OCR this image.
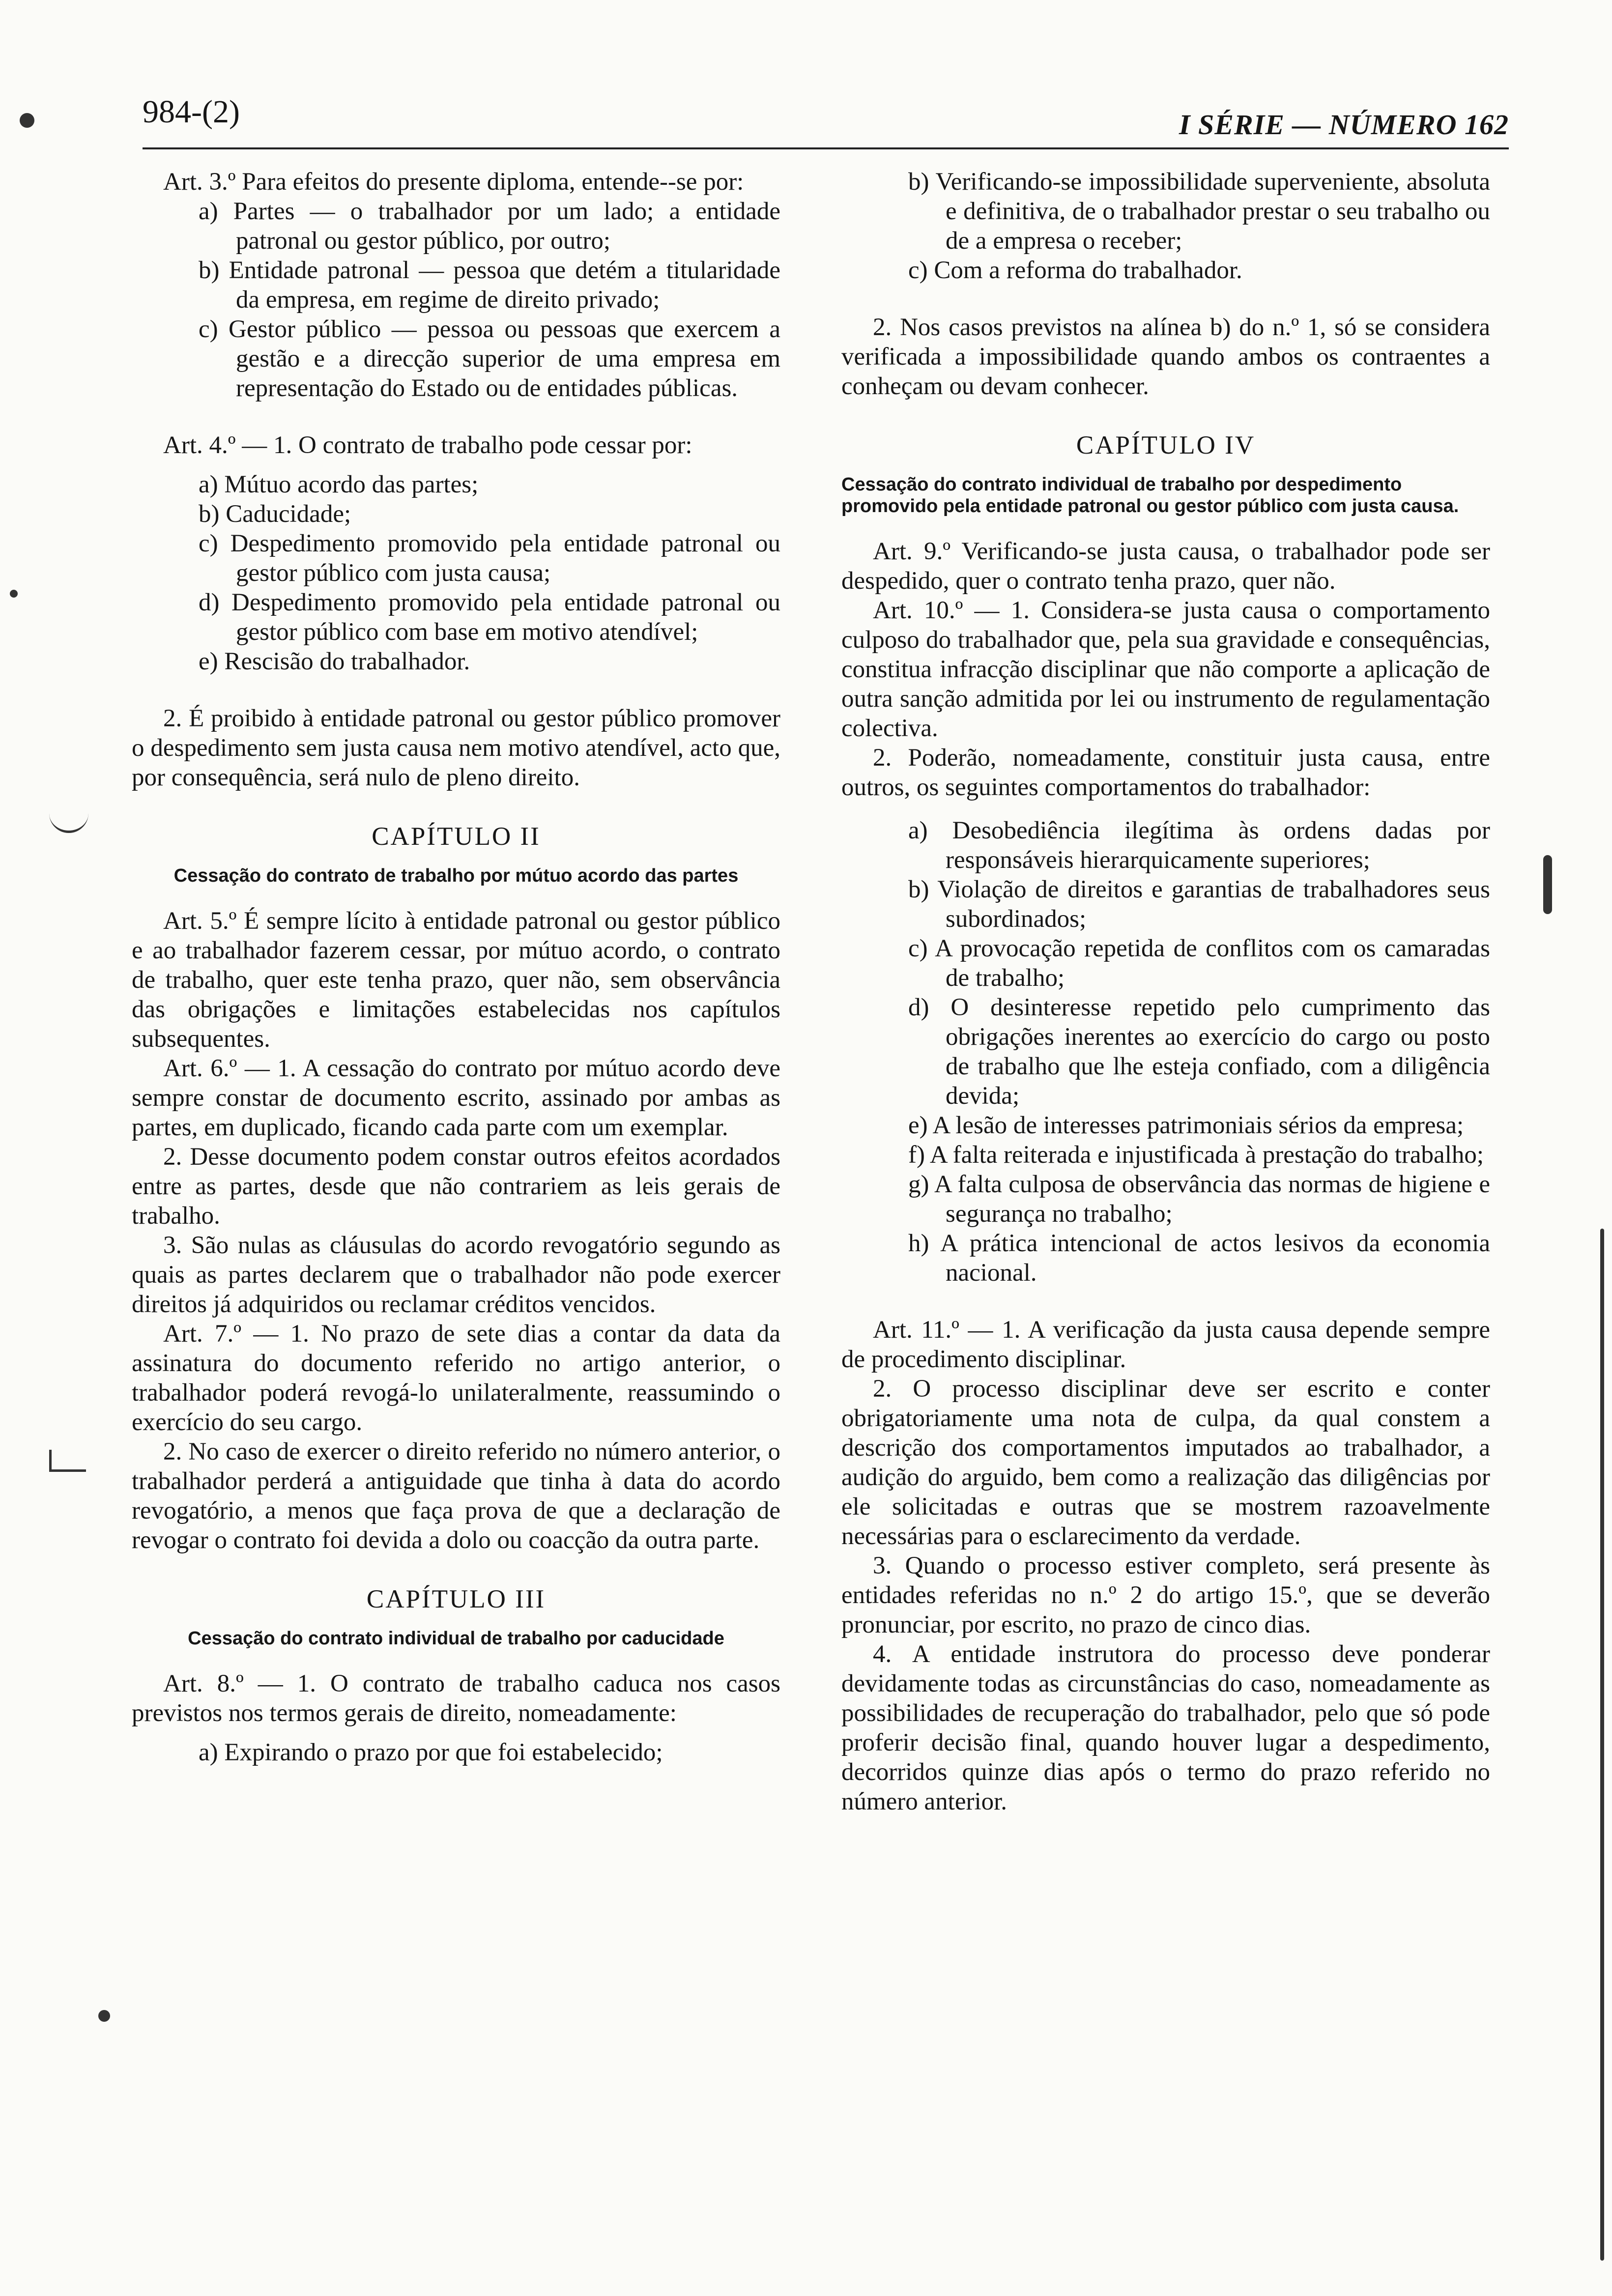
984-(2)	I SÉRIE — NÚMERO 162

Art. 3.º Para efeitos do presente diploma, entende--se por:

a) Partes — o trabalhador por um lado; a entidade patronal ou gestor público, por outro;

b) Entidade patronal — pessoa que detém a titularidade da empresa, em regime de direito privado;

c) Gestor público — pessoa ou pessoas que exercem a gestão e a direcção superior de uma empresa em representação do Estado ou de entidades públicas.

Art. 4.º — 1. O contrato de trabalho pode cessar por:

a) Mútuo acordo das partes;

b) Caducidade;

c) Despedimento promovido pela entidade patronal ou gestor público com justa causa;

d) Despedimento promovido pela entidade patronal ou gestor público com base em motivo atendível;

e) Rescisão do trabalhador.

2. É proibido à entidade patronal ou gestor público promover o despedimento sem justa causa nem motivo atendível, acto que, por consequência, será nulo de pleno direito.

CAPÍTULO II
Cessação do contrato de trabalho por mútuo acordo das partes

Art. 5.º É sempre lícito à entidade patronal ou gestor público e ao trabalhador fazerem cessar, por mútuo acordo, o contrato de trabalho, quer este tenha prazo, quer não, sem observância das obrigações e limitações estabelecidas nos capítulos subsequentes.

Art. 6.º — 1. A cessação do contrato por mútuo acordo deve sempre constar de documento escrito, assinado por ambas as partes, em duplicado, ficando cada parte com um exemplar.

2. Desse documento podem constar outros efeitos acordados entre as partes, desde que não contrariem as leis gerais de trabalho.

3. São nulas as cláusulas do acordo revogatório segundo as quais as partes declarem que o trabalhador não pode exercer direitos já adquiridos ou reclamar créditos vencidos.

Art. 7.º — 1. No prazo de sete dias a contar da data da assinatura do documento referido no artigo anterior, o trabalhador poderá revogá-lo unilateralmente, reassumindo o exercício do seu cargo.

2. No caso de exercer o direito referido no número anterior, o trabalhador perderá a antiguidade que tinha à data do acordo revogatório, a menos que faça prova de que a declaração de revogar o contrato foi devida a dolo ou coacção da outra parte.

CAPÍTULO III
Cessação do contrato individual de trabalho por caducidade

Art. 8.º — 1. O contrato de trabalho caduca nos casos previstos nos termos gerais de direito, nomeadamente:

a) Expirando o prazo por que foi estabelecido;

b) Verificando-se impossibilidade superveniente, absoluta e definitiva, de o trabalhador prestar o seu trabalho ou de a empresa o receber;

c) Com a reforma do trabalhador.

2. Nos casos previstos na alínea b) do n.º 1, só se considera verificada a impossibilidade quando ambos os contraentes a conheçam ou devam conhecer.

CAPÍTULO IV
Cessação do contrato individual de trabalho por despedimento promovido pela entidade patronal ou gestor público com justa causa.

Art. 9.º Verificando-se justa causa, o trabalhador pode ser despedido, quer o contrato tenha prazo, quer não.

Art. 10.º — 1. Considera-se justa causa o comportamento culposo do trabalhador que, pela sua gravidade e consequências, constitua infracção disciplinar que não comporte a aplicação de outra sanção admitida por lei ou instrumento de regulamentação colectiva.

2. Poderão, nomeadamente, constituir justa causa, entre outros, os seguintes comportamentos do trabalhador:

a) Desobediência ilegítima às ordens dadas por responsáveis hierarquicamente superiores;

b) Violação de direitos e garantias de trabalhadores seus subordinados;

c) A provocação repetida de conflitos com os camaradas de trabalho;

d) O desinteresse repetido pelo cumprimento das obrigações inerentes ao exercício do cargo ou posto de trabalho que lhe esteja confiado, com a diligência devida;

e) A lesão de interesses patrimoniais sérios da empresa;

f) A falta reiterada e injustificada à prestação do trabalho;

g) A falta culposa de observância das normas de higiene e segurança no trabalho;

h) A prática intencional de actos lesivos da economia nacional.

Art. 11.º — 1. A verificação da justa causa depende sempre de procedimento disciplinar.

2. O processo disciplinar deve ser escrito e conter obrigatoriamente uma nota de culpa, da qual constem a descrição dos comportamentos imputados ao trabalhador, a audição do arguido, bem como a realização das diligências por ele solicitadas e outras que se mostrem razoavelmente necessárias para o esclarecimento da verdade.

3. Quando o processo estiver completo, será presente às entidades referidas no n.º 2 do artigo 15.º, que se deverão pronunciar, por escrito, no prazo de cinco dias.

4. A entidade instrutora do processo deve ponderar devidamente todas as circunstâncias do caso, nomeadamente as possibilidades de recuperação do trabalhador, pelo que só pode proferir decisão final, quando houver lugar a despedimento, decorridos quinze dias após o termo do prazo referido no número anterior.
